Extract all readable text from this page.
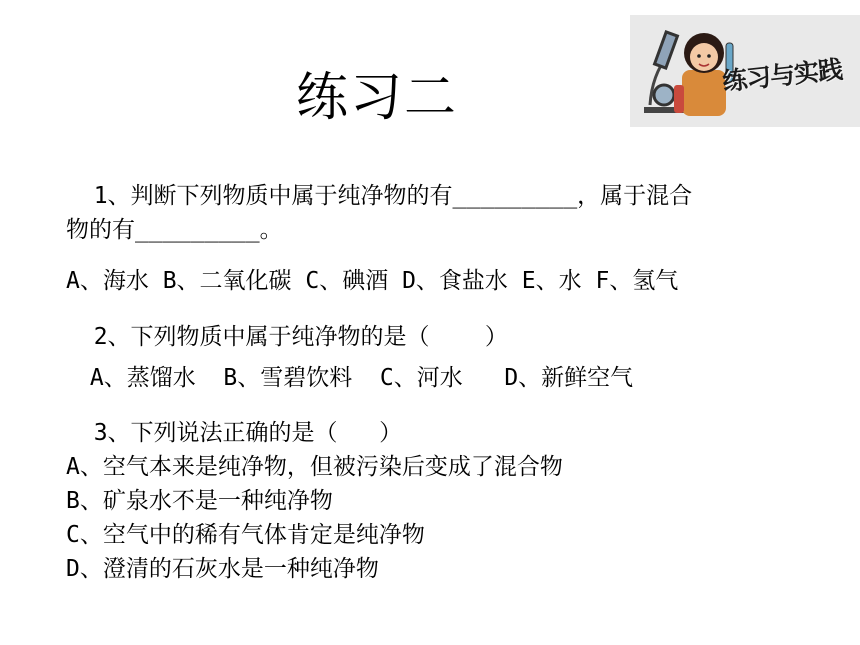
练习二	练习与实践
1、判断下列物质中属于纯净物的有_________，属于混合
物的有_________。
A、海水 B、二氧化碳 C、碘酒 D、食盐水 E、水 F、氢气
2、下列物质中属于纯净物的是（    ）
A、蒸馏水  B、雪碧饮料  C、河水   D、新鲜空气
3、下列说法正确的是（   ）
A、空气本来是纯净物，但被污染后变成了混合物
B、矿泉水不是一种纯净物
C、空气中的稀有气体肯定是纯净物
D、澄清的石灰水是一种纯净物
